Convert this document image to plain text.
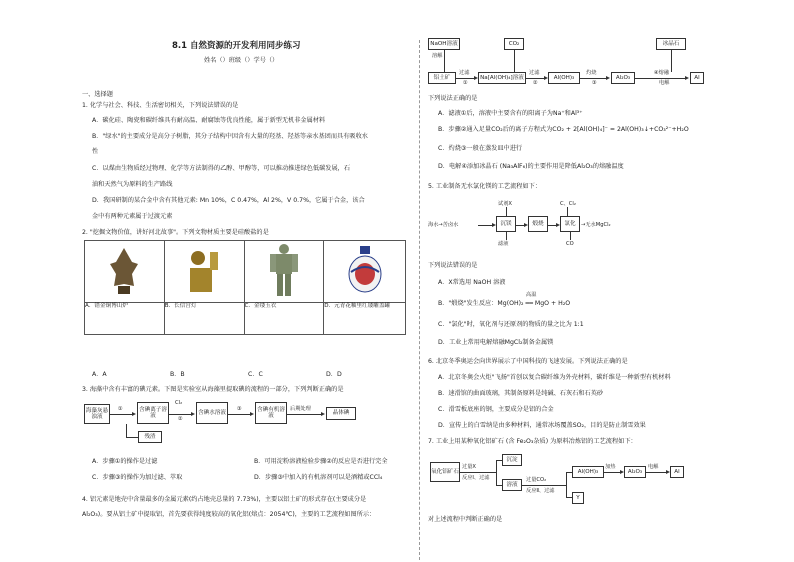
8.1 自然资源的开发利用同步练习
姓名（）班级（）学号（）
一、选择题
1. 化学与社会、科技、生活密切相关，下列说法错误的是
A．碳化硅、陶瓷和碳纤维具有耐高温、耐腐蚀等优良性能，属于新型无机非金属材料
B．"绿水"的主要成分是高分子树脂，其分子结构中因含有大量的羟基、羟基等亲水基团而具有吸收水
性
C．以煤由生物质经过物理、化学等方法制得的乙醇、甲醇等，可以推动推进绿色低碳发展，石
油和天然气为原料的生产路线
D．我国研制的某合金中含有其他元素: Mn 10%，C 0.47%，Al 2%，V 0.7%，它属于合金，该合
金中有两种元素属于过渡元素
2. "挖掘文物价值，讲好河北故事"。下列文物材质主要是硅酸盐的是

A．错金铜博山炉	B．长信宫灯	C．金缕玉衣	D．元青花釉里红镂雕盖罐
A．A	B．B	C．C	D．D
3. 海藻中含有丰富的碘元素。下图是实验室从海藻里提取碘的流程的一部分，下列判断正确的是
海藻灰悬浊液
①	含碘离子溶液
Cl₂
②
含碘水溶液
③	含碘有机溶液
后期处理
晶体碘
残渣
A．步骤①的操作是过滤	B．可用淀粉溶液检验步骤②的反应是否进行完全
C．步骤③的操作为加过滤、萃取	D．步骤③中加入的有机溶剂可以是酒精或CCl₄
4. 铝元素是地壳中含量最多的金属元素(约占地壳总量的 7.73%)，主要以铝土矿的形式存在(主要成分是
Al₂O₃)。要从铝土矿中提取铝，首先要获得纯度较高的氧化铝(熔点：2054℃)，主要的工艺流程如图所示：
NaOH溶液	CO₂	冰晶石
溶解
铝土矿
过滤
①
Na[Al(OH)₄]溶液
过滤
②
Al(OH)₃
灼烧
③
Al₂O₃
④熔融
电解
Al
下列说法正确的是
A．滤液①后，溶液中主要含有的阳离子为Na⁺和Al³⁺
B．步骤②通入足量CO₂后的离子方程式为CO₂ + 2[Al(OH)₄]⁻ = 2Al(OH)₃↓+CO₃²⁻+H₂O
C．灼烧③一般在蒸发皿中进行
D．电解④添加冰晶石 (Na₃AlF₆)的主要作用是降低Al₂O₃的熔融温度
5. 工业制备无水氯化镁的工艺流程如下：
试剂X	C、Cl₂
海水→苦卤水	沉镁	煅烧	氯化	→无水MgCl₂
滤液	CO
下列说法错误的是
A．X常选用 NaOH 溶液
高温
B．"煅烧"发生反应：Mg(OH)₂ ══ MgO + H₂O
C．"氯化"时，氧化剂与还原剂的物质的量之比为 1:1
D．工业上常用电解熔融MgCl₂制备金属镁
6. 北京冬季奥运会向世界展示了中国科技的飞速发展。下列说法正确的是
A．北京冬奥会火炬"飞扬"首创以复合碳纤维为外壳材料，碳纤维是一种新型有机材料
B．速滑馆的曲面玻璃，其制备原料是纯碱、石灰石和石英砂
C．滑雪板底座的钢，主要成分是铝的合金
D．宣传上的白雪纳是由多种材料，通常冰场覆盖SO₂，目的是防止制雪效果
7. 工业上用某种氧化铝矿石 (含 Fe₂O₃杂质) 为原料冶炼铝的工艺流程如下：
氧化铝矿石
过量X
反应Ⅰ、过滤
沉淀
溶液
过量CO₂
反应Ⅱ、过滤
Al(OH)₃
Y
加热
Al₂O₃
电解
Al
对上述流程中判断正确的是
